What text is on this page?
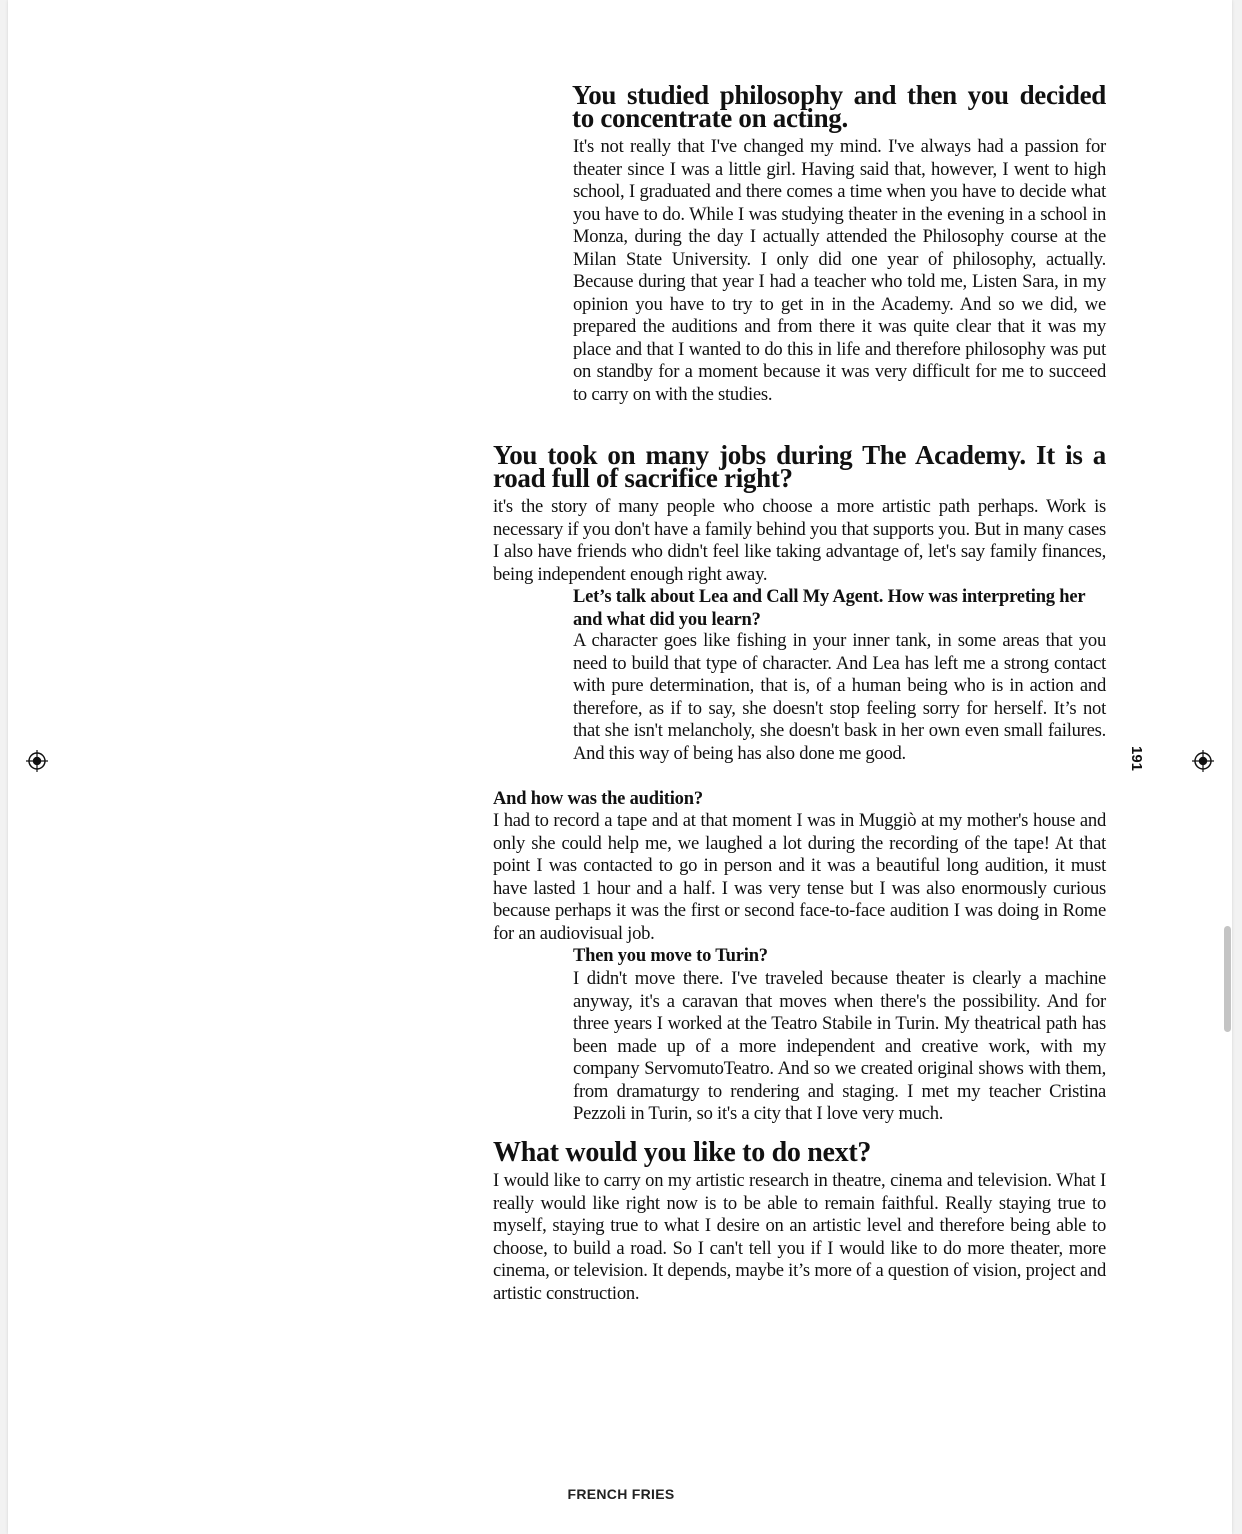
You studied philosophy and then you decided to concentrate on acting.

It's not really that I've changed my mind. I've always had a passion for theater since I was a little girl. Having said that, however, I went to high school, I graduated and there comes a time when you have to decide what you have to do. While I was studying theater in the evening in a school in Monza, during the day I actually attended the Philosophy course at the Milan State University. I only did one year of philosophy, actually. Because during that year I had a teacher who told me, Listen Sara, in my opinion you have to try to get in in the Academy. And so we did, we prepared the auditions and from there it was quite clear that it was my place and that I wanted to do this in life and therefore philosophy was put on standby for a moment because it was very difficult for me to succeed to carry on with the studies.

You took on many jobs during The Academy. It is a road full of sacrifice right?

it's the story of many people who choose a more artistic path perhaps. Work is necessary if you don't have a family behind you that supports you. But in many cases I also have friends who didn't feel like taking advantage of, let's say family finances, being independent enough right away.

Let’s talk about Lea and Call My Agent. How was interpreting her and what did you learn?

A character goes like fishing in your inner tank, in some areas that you need to build that type of character. And Lea has left me a strong contact with pure determination, that is, of a human being who is in action and therefore, as if to say, she doesn't stop feeling sorry for herself. It’s not that she isn't melancholy, she doesn't bask in her own even small failures. And this way of being has also done me good.

And how was the audition?

I had to record a tape and at that moment I was in Muggiò at my mother's house and only she could help me, we laughed a lot during the recording of the tape! At that point I was contacted to go in person and it was a beautiful long audition, it must have lasted 1 hour and a half. I was very tense but I was also enormously curious because perhaps it was the first or second face-to-face audition I was doing in Rome for an audiovisual job.

Then you move to Turin?

I didn't move there. I've traveled because theater is clearly a machine anyway, it's a caravan that moves when there's the possibility. And for three years I worked at the Teatro Stabile in Turin. My theatrical path has been made up of a more independent and creative work, with my company ServomutoTeatro. And so we created original shows with them, from dramaturgy to rendering and staging. I met my teacher Cristina Pezzoli in Turin, so it's a city that I love very much.

What would you like to do next?

I would like to carry on my artistic research in theatre, cinema and television. What I really would like right now is to be able to remain faithful. Really staying true to myself, staying true to what I desire on an artistic level and therefore being able to choose, to build a road. So I can't tell you if I would like to do more theater, more cinema, or television. It depends, maybe it’s more of a question of vision, project and artistic construction.

191
FRENCH FRIES
